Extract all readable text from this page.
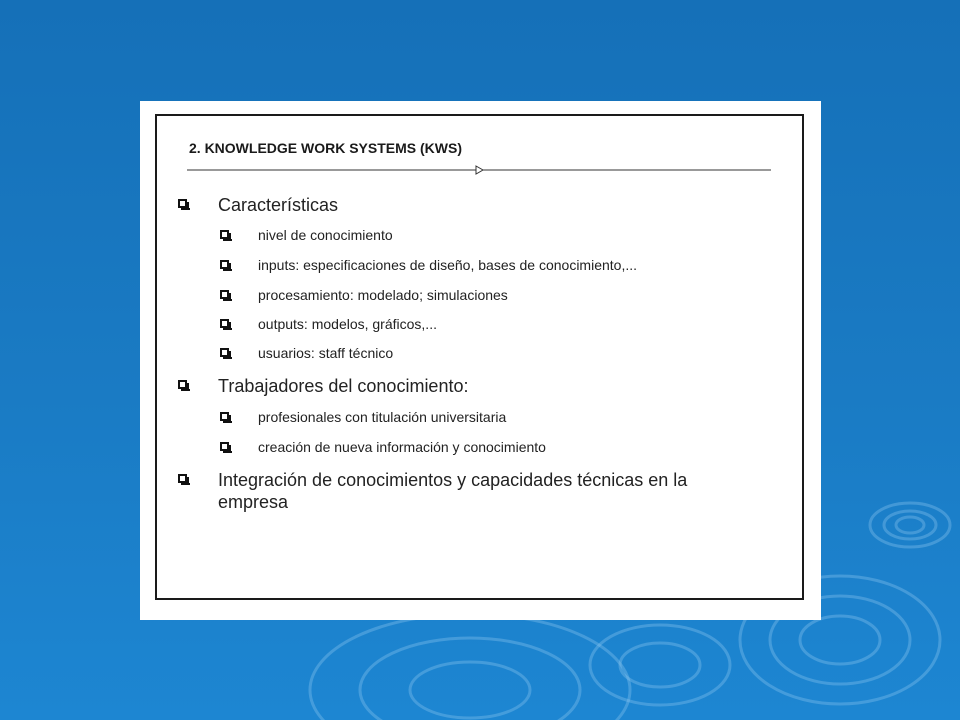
2. KNOWLEDGE WORK SYSTEMS (KWS)
Características
nivel de conocimiento
inputs: especificaciones de diseño, bases de conocimiento,...
procesamiento: modelado; simulaciones
outputs: modelos, gráficos,...
usuarios: staff técnico
Trabajadores del conocimiento:
profesionales con titulación universitaria
creación de nueva información y conocimiento
Integración de conocimientos y capacidades técnicas en la empresa
